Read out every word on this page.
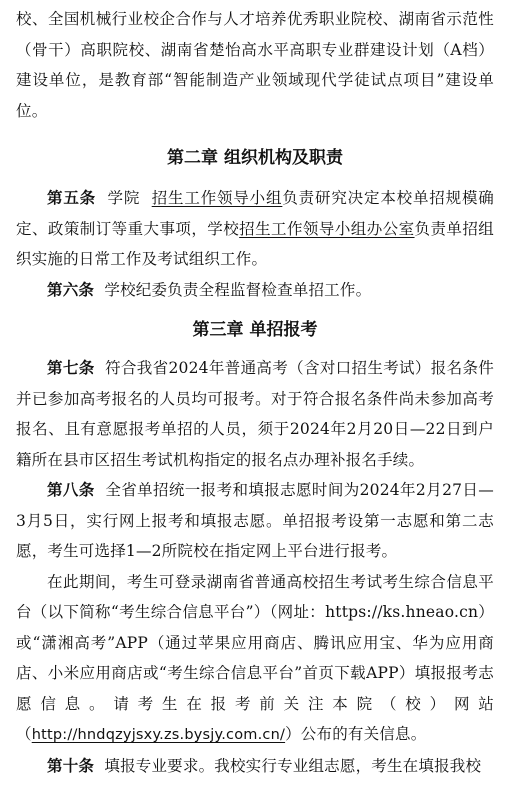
校、全国机械行业校企合作与人才培养优秀职业院校、湖南省示范性（骨干）高职院校、湖南省楚怡高水平高职专业群建设计划（A档）建设单位，是教育部“智能制造产业领域现代学徒试点项目”建设单位。

第二章 组织机构及职责

第五条 学院 招生工作领导小组负责研究决定本校单招规模确定、政策制订等重大事项，学校招生工作领导小组办公室负责单招组织实施的日常工作及考试组织工作。

第六条 学校纪委负责全程监督检查单招工作。

第三章 单招报考

第七条 符合我省2024年普通高考（含对口招生考试）报名条件并已参加高考报名的人员均可报考。对于符合报名条件尚未参加高考报名、且有意愿报考单招的人员，须于2024年2月20日—22日到户籍所在县市区招生考试机构指定的报名点办理补报名手续。

第八条 全省单招统一报考和填报志愿时间为2024年2月27日—3月5日，实行网上报考和填报志愿。单招报考设第一志愿和第二志愿，考生可选择1—2所院校在指定网上平台进行报考。

在此期间，考生可登录湖南省普通高校招生考试考生综合信息平台（以下简称“考生综合信息平台”）（网址：https://ks.hneao.cn）或“潇湘高考”APP（通过苹果应用商店、腾讯应用宝、华为应用商店、小米应用商店或“考生综合信息平台”首页下载APP）填报报考志愿信息。请考生在报考前关注本院（校）网站（http://hndqzyjsxy.zs.bysjy.com.cn/）公布的有关信息。

第十条 填报专业要求。我校实行专业组志愿，考生在填报我校
